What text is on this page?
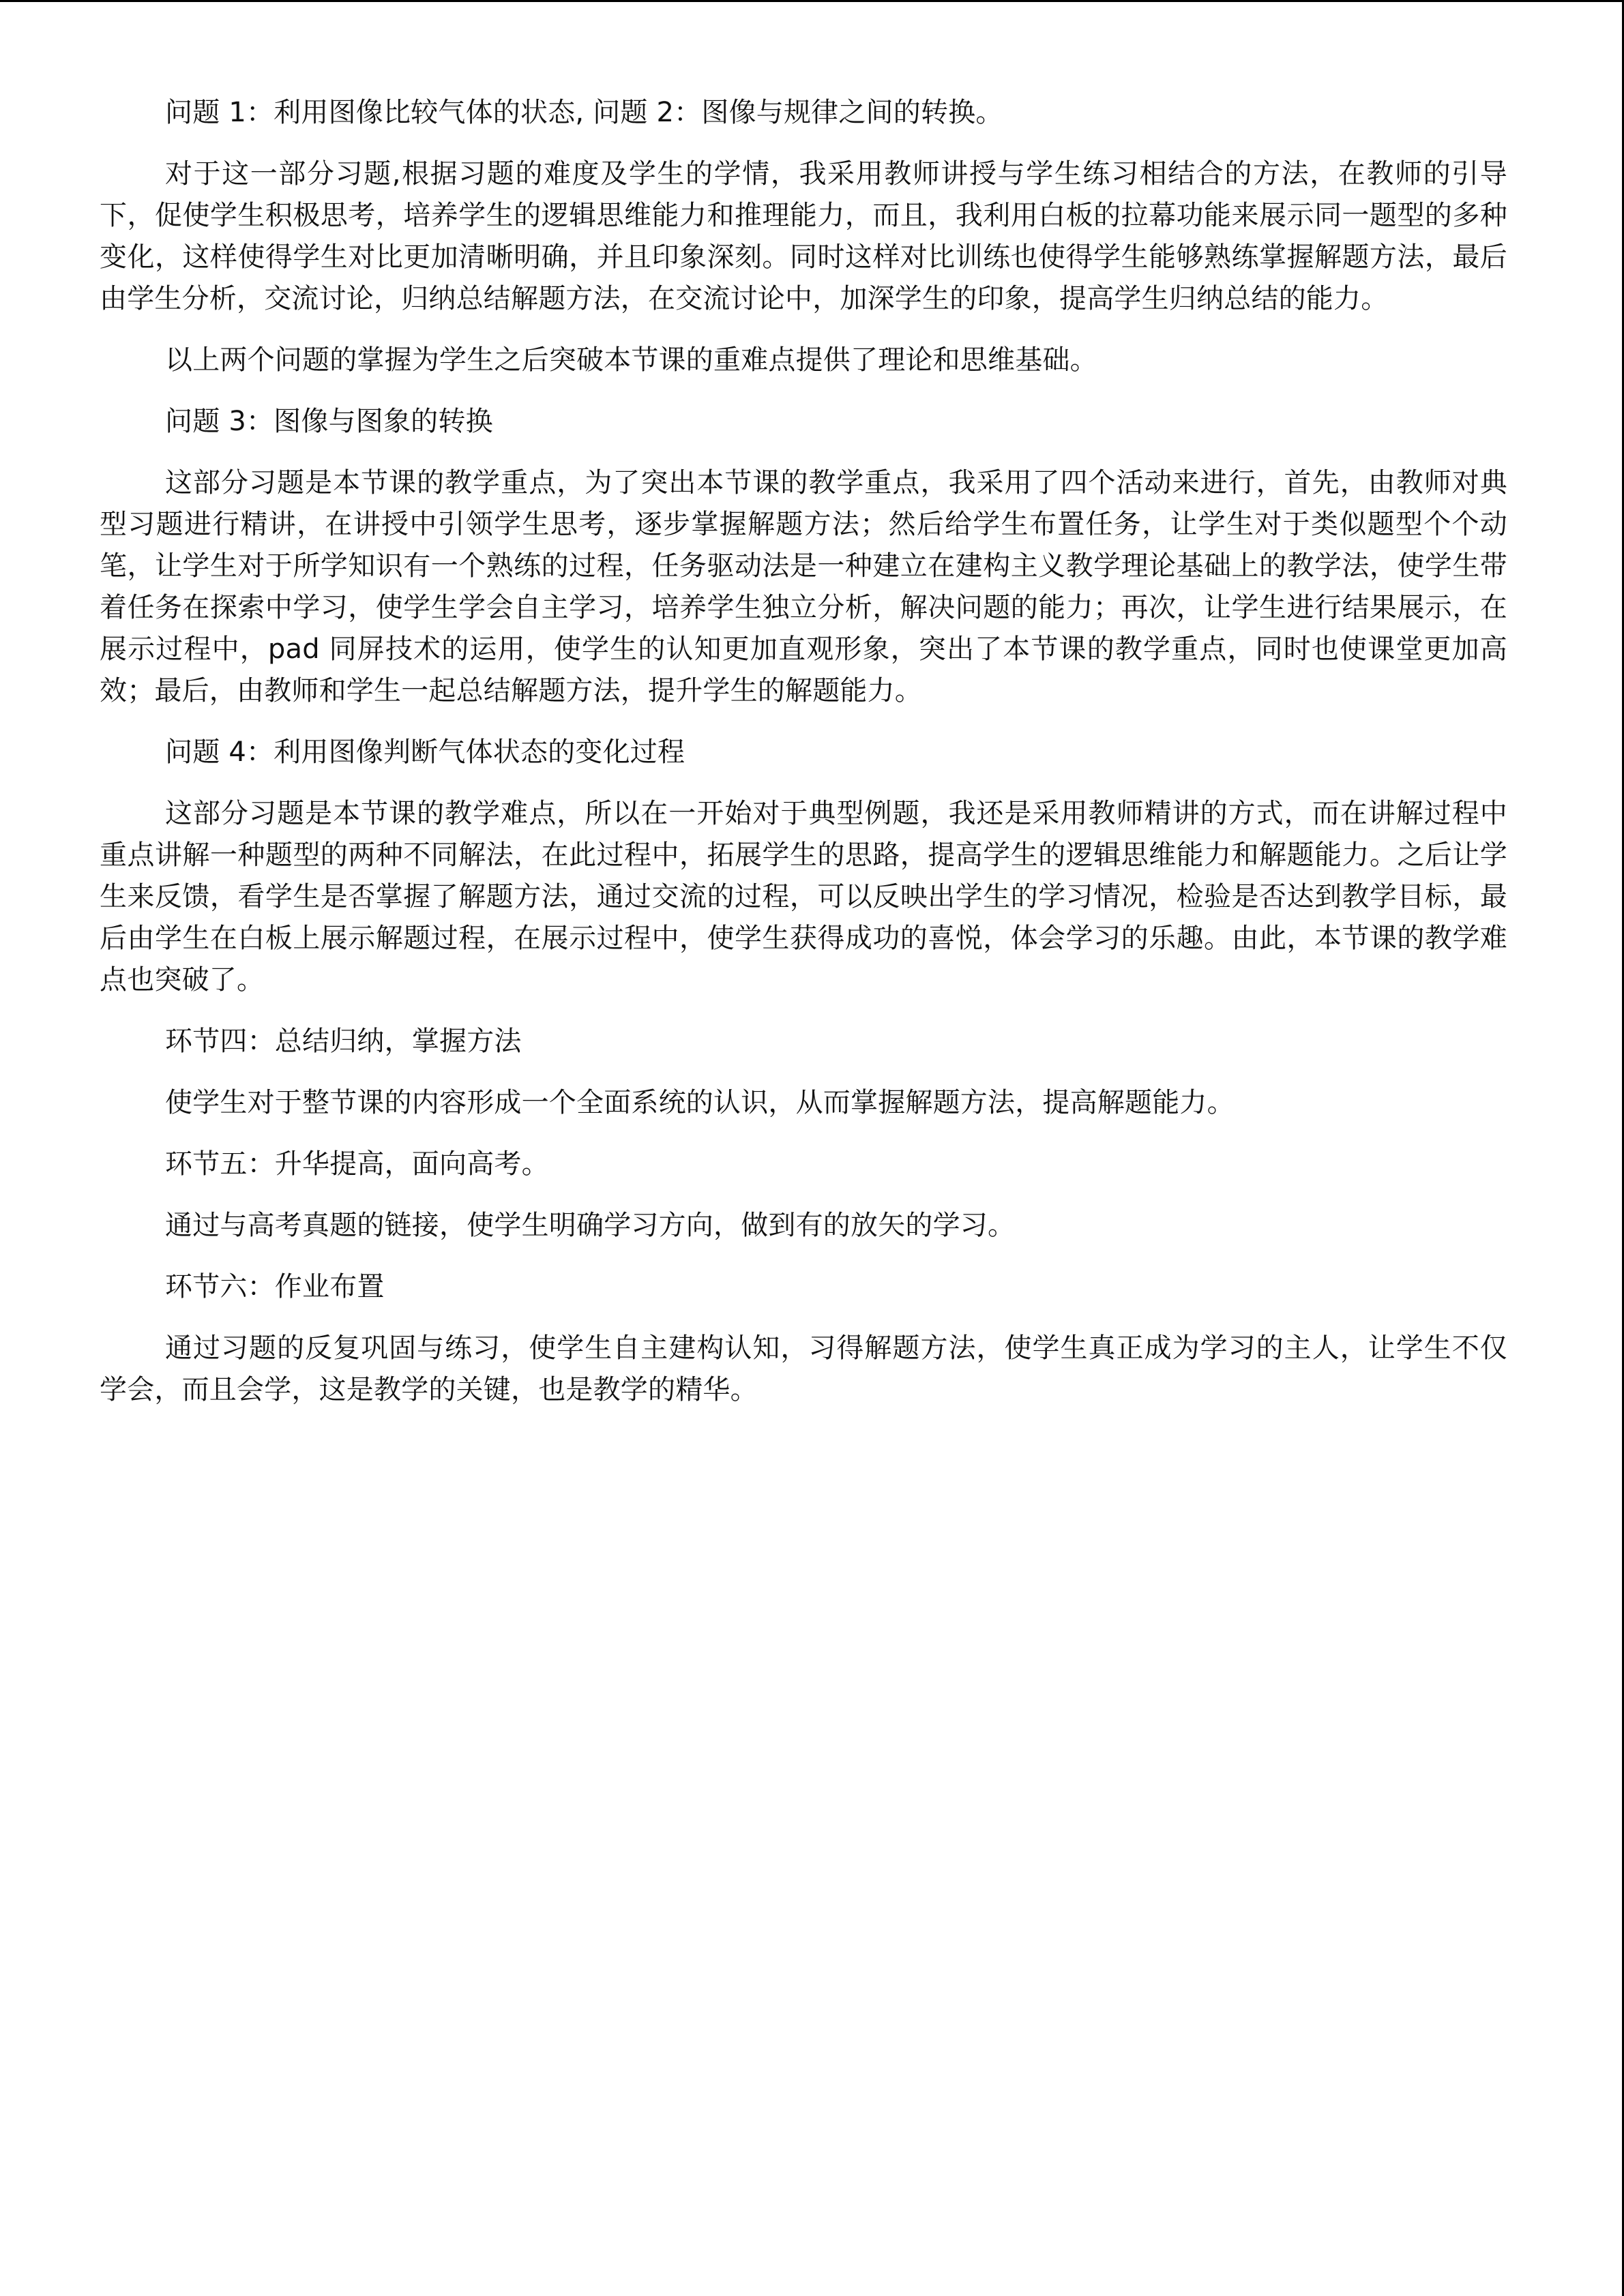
问题 1：利用图像比较气体的状态, 问题 2：图像与规律之间的转换。

对于这一部分习题,根据习题的难度及学生的学情，我采用教师讲授与学生练习相结合的方法，在教师的引导下，促使学生积极思考，培养学生的逻辑思维能力和推理能力，而且，我利用白板的拉幕功能来展示同一题型的多种变化，这样使得学生对比更加清晰明确，并且印象深刻。同时这样对比训练也使得学生能够熟练掌握解题方法，最后由学生分析，交流讨论，归纳总结解题方法，在交流讨论中，加深学生的印象，提高学生归纳总结的能力。

以上两个问题的掌握为学生之后突破本节课的重难点提供了理论和思维基础。

问题 3：图像与图象的转换

这部分习题是本节课的教学重点，为了突出本节课的教学重点，我采用了四个活动来进行，首先，由教师对典型习题进行精讲，在讲授中引领学生思考，逐步掌握解题方法；然后给学生布置任务，让学生对于类似题型个个动笔，让学生对于所学知识有一个熟练的过程，任务驱动法是一种建立在建构主义教学理论基础上的教学法，使学生带着任务在探索中学习，使学生学会自主学习，培养学生独立分析，解决问题的能力；再次，让学生进行结果展示，在展示过程中，pad 同屏技术的运用，使学生的认知更加直观形象，突出了本节课的教学重点，同时也使课堂更加高效；最后，由教师和学生一起总结解题方法，提升学生的解题能力。

问题 4：利用图像判断气体状态的变化过程

这部分习题是本节课的教学难点，所以在一开始对于典型例题，我还是采用教师精讲的方式，而在讲解过程中重点讲解一种题型的两种不同解法，在此过程中，拓展学生的思路，提高学生的逻辑思维能力和解题能力。之后让学生来反馈，看学生是否掌握了解题方法，通过交流的过程，可以反映出学生的学习情况，检验是否达到教学目标，最后由学生在白板上展示解题过程，在展示过程中，使学生获得成功的喜悦，体会学习的乐趣。由此，本节课的教学难点也突破了。

环节四：总结归纳，掌握方法

使学生对于整节课的内容形成一个全面系统的认识，从而掌握解题方法，提高解题能力。

环节五：升华提高，面向高考。

通过与高考真题的链接，使学生明确学习方向，做到有的放矢的学习。

环节六：作业布置

通过习题的反复巩固与练习，使学生自主建构认知，习得解题方法，使学生真正成为学习的主人，让学生不仅学会，而且会学，这是教学的关键，也是教学的精华。
